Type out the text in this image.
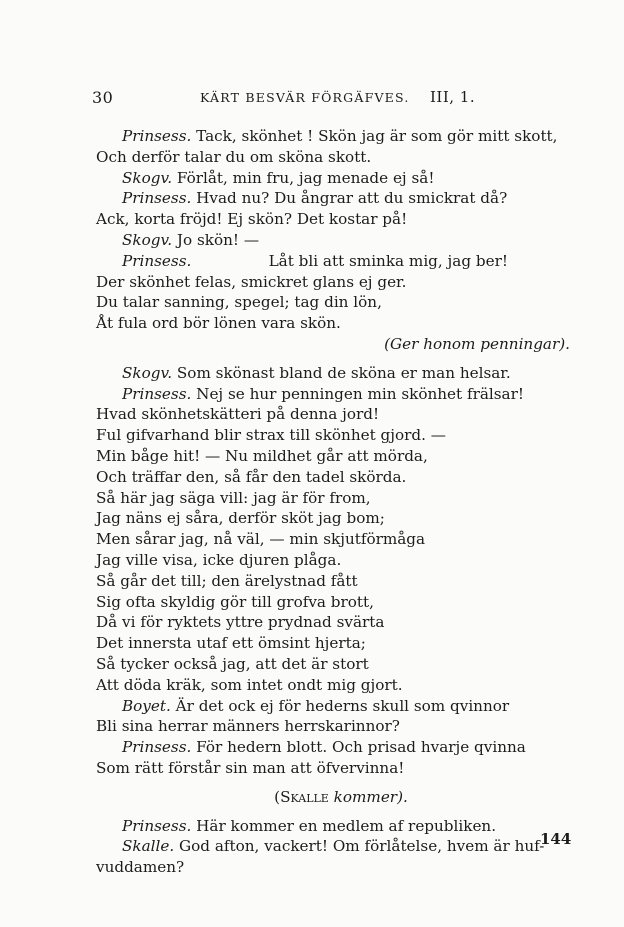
30	KÄRT BESVÄR FÖRGÄFVES. III, 1.
Prinsess. Tack, skönhet ! Skön jag är som gör mitt skott,
Och derför talar du om sköna skott.
Skogv. Förlåt, min fru, jag menade ej så!
Prinsess. Hvad nu? Du ångrar att du smickrat då?
Ack, korta fröjd! Ej skön? Det kostar på!
Skogv. Jo skön! —
Prinsess.                Låt bli att sminka mig, jag ber!
Der skönhet felas, smickret glans ej ger.
Du talar sanning, spegel; tag din lön,
Åt fula ord bör lönen vara skön.
(Ger honom penningar).
Skogv. Som skönast bland de sköna er man helsar.
Prinsess. Nej se hur penningen min skönhet frälsar!
Hvad skönhetskätteri på denna jord!
Ful gifvarhand blir strax till skönhet gjord. —
Min båge hit! — Nu mildhet går att mörda,
Och träffar den, så får den tadel skörda.
Så här jag säga vill: jag är för from,
Jag näns ej såra, derför sköt jag bom;
Men sårar jag, nå väl, — min skjutförmåga
Jag ville visa, icke djuren plåga.
Så går det till; den ärelystnad fått
Sig ofta skyldig gör till grofva brott,
Då vi för ryktets yttre prydnad svärta
Det innersta utaf ett ömsint hjerta;
Så tycker också jag, att det är stort
Att döda kräk, som intet ondt mig gjort.
Boyet. Är det ock ej för hederns skull som qvinnor
Bli sina herrar männers herrskarinnor?
Prinsess. För hedern blott. Och prisad hvarje qvinna
Som rätt förstår sin man att öfvervinna!
(Skalle kommer).
Prinsess. Här kommer en medlem af republiken.
Skalle. God afton, vackert! Om förlåtelse, hvem är huf-
vuddamen?
144
